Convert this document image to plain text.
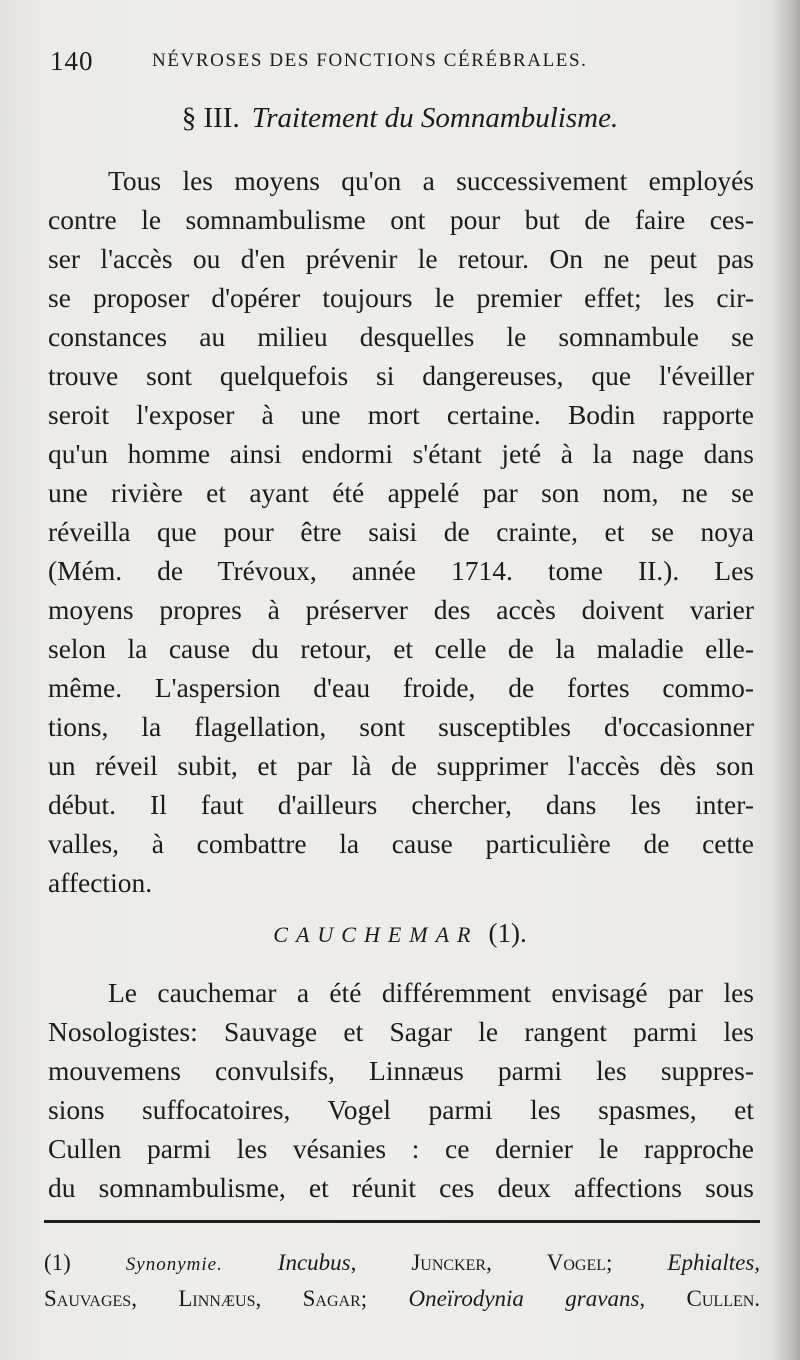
140	NÉVROSES DES FONCTIONS CÉRÉBRALES.
§ III. Traitement du Somnambulisme.
Tous les moyens qu'on a successivement employés
contre le somnambulisme ont pour but de faire ces-
ser l'accès ou d'en prévenir le retour. On ne peut pas
se proposer d'opérer toujours le premier effet; les cir-
constances au milieu desquelles le somnambule se
trouve sont quelquefois si dangereuses, que l'éveiller
seroit l'exposer à une mort certaine. Bodin rapporte
qu'un homme ainsi endormi s'étant jeté à la nage dans
une rivière et ayant été appelé par son nom, ne se
réveilla que pour être saisi de crainte, et se noya
(Mém. de Trévoux, année 1714. tome II.). Les
moyens propres à préserver des accès doivent varier
selon la cause du retour, et celle de la maladie elle-
même. L'aspersion d'eau froide, de fortes commo-
tions, la flagellation, sont susceptibles d'occasionner
un réveil subit, et par là de supprimer l'accès dès son
début. Il faut d'ailleurs chercher, dans les inter-
valles, à combattre la cause particulière de cette
affection.
CAUCHEMAR (1).
Le cauchemar a été différemment envisagé par les
Nosologistes: Sauvage et Sagar le rangent parmi les
mouvemens convulsifs, Linnæus parmi les suppres-
sions suffocatoires, Vogel parmi les spasmes, et
Cullen parmi les vésanies : ce dernier le rapproche
du somnambulisme, et réunit ces deux affections sous
(1)	Synonymie. Incubus, Juncker, Vogel; Ephialtes,
Sauvages, Linnæus, Sagar; Oneïrodynia gravans, Cullen.
